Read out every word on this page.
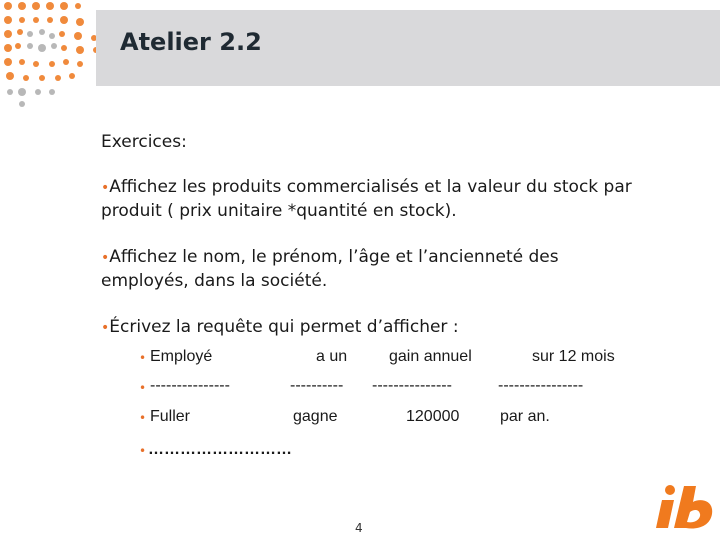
Atelier 2.2
Exercices:
•Affichez les produits commercialisés et la valeur du stock par
produit ( prix unitaire *quantité en stock).
•Affichez le nom, le prénom, l’âge et l’ancienneté des
employés, dans la société.
•Écrivez la requête qui permet d’afficher :
• Employé	a un	gain annuel	sur 12 mois
• ---------------	---------- ---------------	----------------
• Fuller	gagne	120000	par an.
• ………………………
4
